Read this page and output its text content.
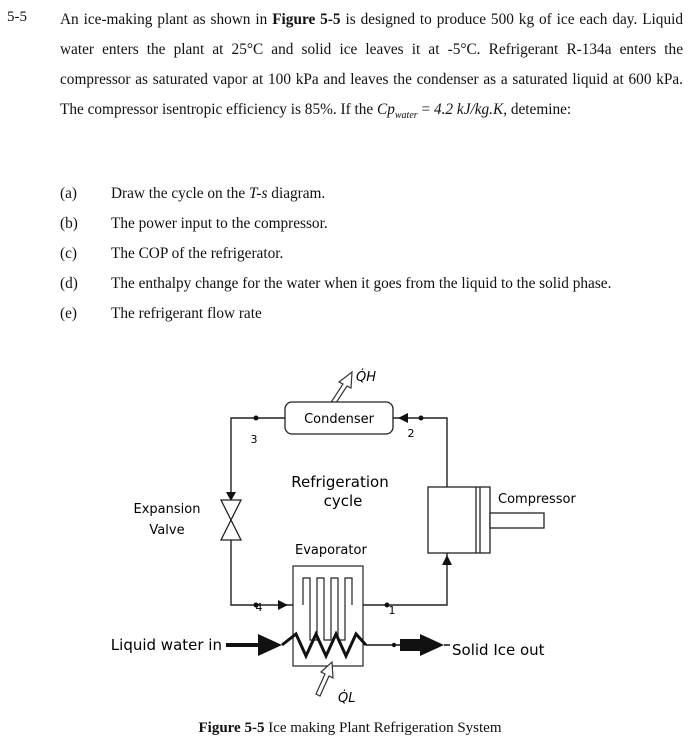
5-5 An ice-making plant as shown in Figure 5-5 is designed to produce 500 kg of ice each day. Liquid water enters the plant at 25°C and solid ice leaves it at -5°C. Refrigerant R-134a enters the compressor as saturated vapor at 100 kPa and leaves the condenser as a saturated liquid at 600 kPa. The compressor isentropic efficiency is 85%. If the $Cp_{water} = 4.2$ kJ/kg.K, detemine:
(a) Draw the cycle on the T-s diagram.
(b) The power input to the compressor.
(c) The COP of the refrigerator.
(d) The enthalpy change for the water when it goes from the liquid to the solid phase.
(e) The refrigerant flow rate
Q̇H
Condenser
3	2
1
4
Expansion
Valve
Refrigeration
cycle	Compressor
Evaporator
Liquid water in	Solid Ice out
Q̇L
Figure 5-5 Ice making Plant Refrigeration System
